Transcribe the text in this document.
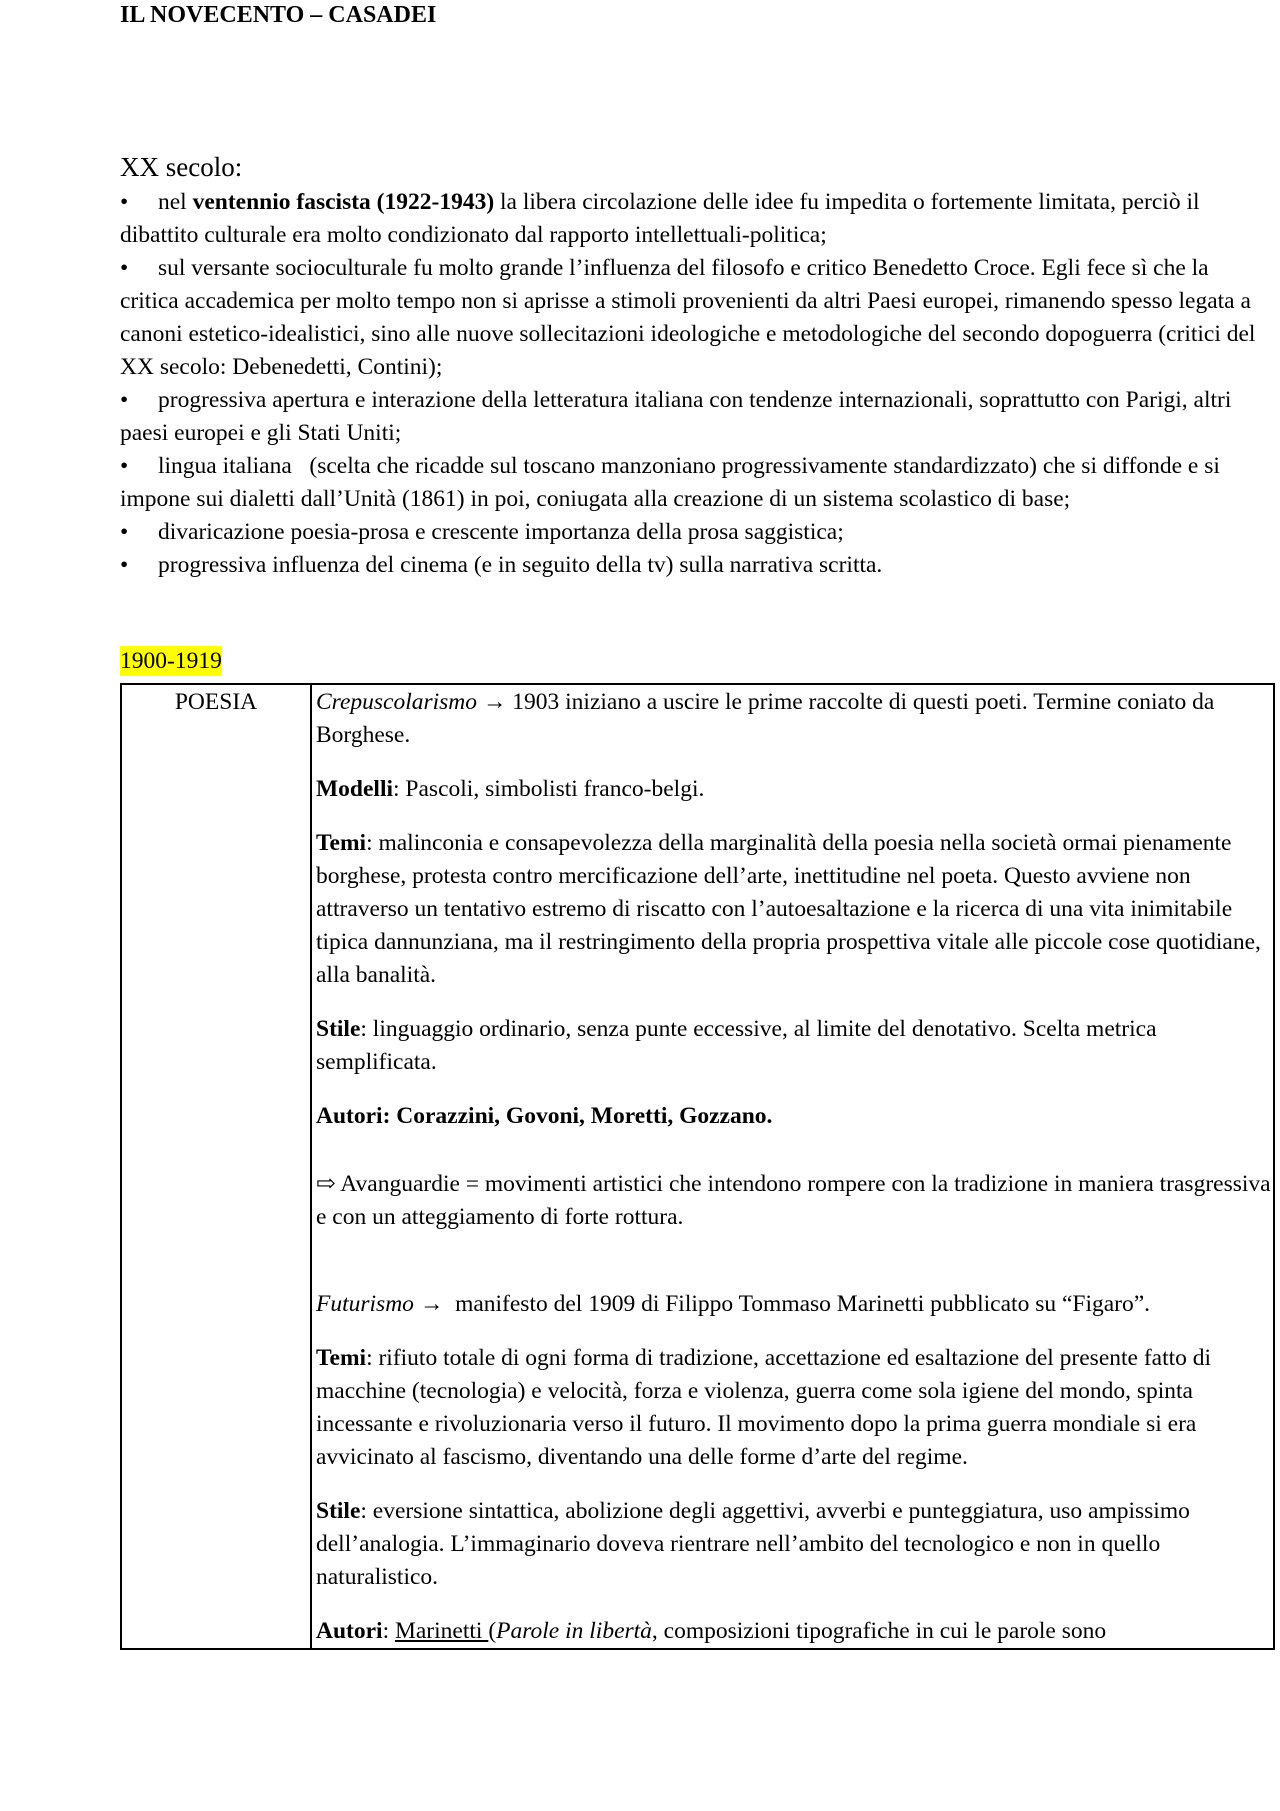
IL NOVECENTO – CASADEI
XX secolo:

• nel ventennio fascista (1922-1943) la libera circolazione delle idee fu impedita o fortemente limitata, perciò il dibattito culturale era molto condizionato dal rapporto intellettuali-politica;

• sul versante socioculturale fu molto grande l’influenza del filosofo e critico Benedetto Croce. Egli fece sì che la critica accademica per molto tempo non si aprisse a stimoli provenienti da altri Paesi europei, rimanendo spesso legata a canoni estetico-idealistici, sino alle nuove sollecitazioni ideologiche e metodologiche del secondo dopoguerra (critici del XX secolo: Debenedetti, Contini);

• progressiva apertura e interazione della letteratura italiana con tendenze internazionali, soprattutto con Parigi, altri paesi europei e gli Stati Uniti;

• lingua italiana   (scelta che ricadde sul toscano manzoniano progressivamente standardizzato) che si diffonde e si impone sui dialetti dall’Unità (1861) in poi, coniugata alla creazione di un sistema scolastico di base;

• divaricazione poesia-prosa e crescente importanza della prosa saggistica;

• progressiva influenza del cinema (e in seguito della tv) sulla narrativa scritta.

1900-1919
POESIA	Crepuscolarismo → 1903 iniziano a uscire le prime raccolte di questi poeti. Termine coniato da Borghese.

Modelli: Pascoli, simbolisti franco-belgi.

Temi: malinconia e consapevolezza della marginalità della poesia nella società ormai pienamente borghese, protesta contro mercificazione dell’arte, inettitudine nel poeta. Questo avviene non attraverso un tentativo estremo di riscatto con l’autoesaltazione e la ricerca di una vita inimitabile tipica dannunziana, ma il restringimento della propria prospettiva vitale alle piccole cose quotidiane, alla banalità.

Stile: linguaggio ordinario, senza punte eccessive, al limite del denotativo. Scelta metrica semplificata.

Autori: Corazzini, Govoni, Moretti, Gozzano.

⇨ Avanguardie = movimenti artistici che intendono rompere con la tradizione in maniera trasgressiva e con un atteggiamento di forte rottura.

Futurismo →  manifesto del 1909 di Filippo Tommaso Marinetti pubblicato su “Figaro”.

Temi: rifiuto totale di ogni forma di tradizione, accettazione ed esaltazione del presente fatto di macchine (tecnologia) e velocità, forza e violenza, guerra come sola igiene del mondo, spinta incessante e rivoluzionaria verso il futuro. Il movimento dopo la prima guerra mondiale si era avvicinato al fascismo, diventando una delle forme d’arte del regime.

Stile: eversione sintattica, abolizione degli aggettivi, avverbi e punteggiatura, uso ampissimo dell’analogia. L’immaginario doveva rientrare nell’ambito del tecnologico e non in quello naturalistico.

Autori: Marinetti (Parole in libertà, composizioni tipografiche in cui le parole sono
